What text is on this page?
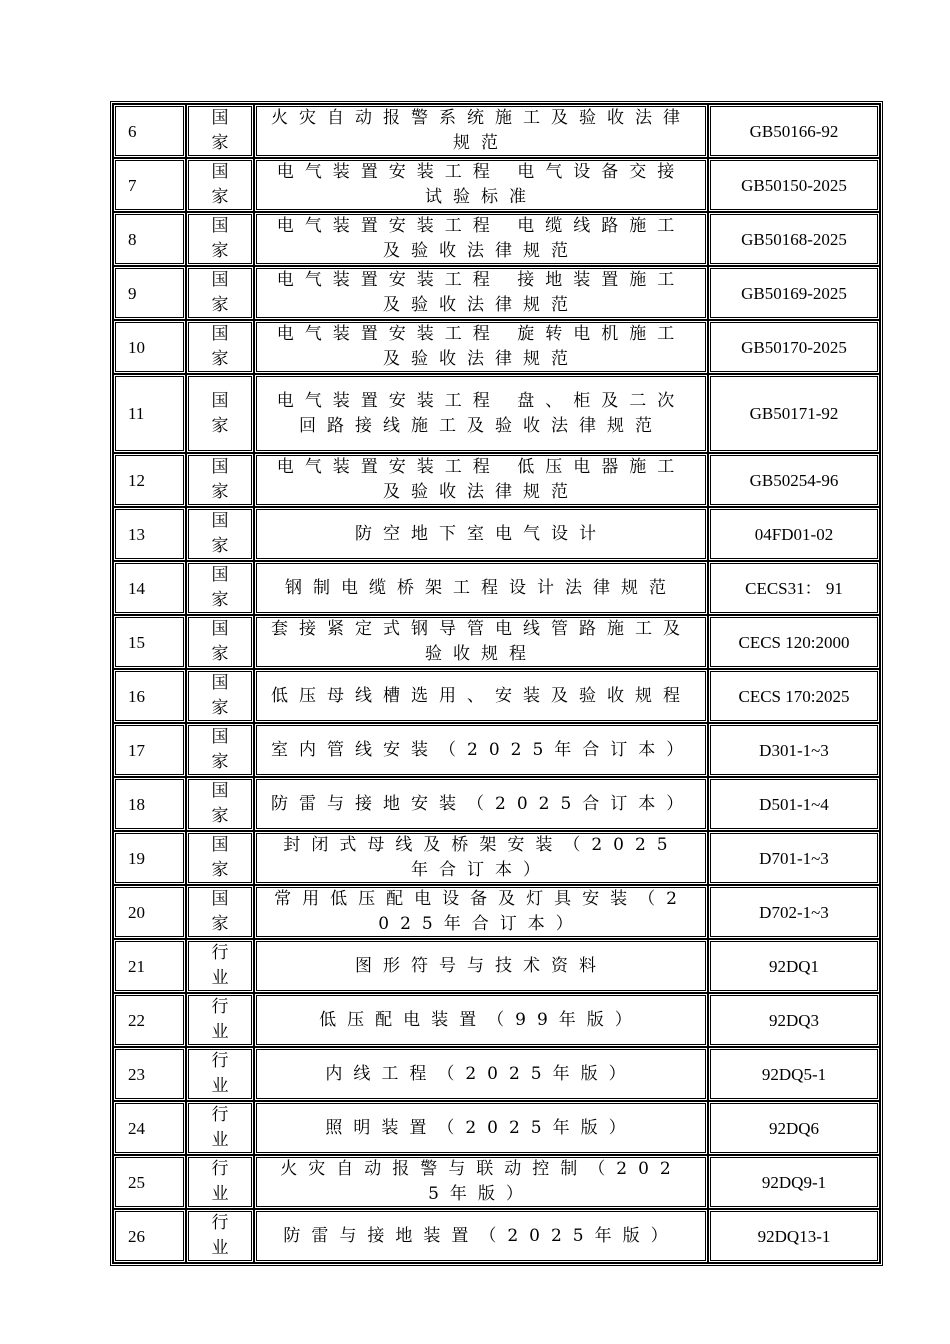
6	国家	火灾自动报警系统施工及验收法律规范	GB50166-92
7	国家	电气装置安装工程 电气设备交接试验标准	GB50150-2025
8	国家	电气装置安装工程 电缆线路施工及验收法律规范	GB50168-2025
9	国家	电气装置安装工程 接地装置施工及验收法律规范	GB50169-2025
10	国家	电气装置安装工程 旋转电机施工及验收法律规范	GB50170-2025
11	国家	电气装置安装工程 盘、柜及二次回路接线施工及验收法律规范	GB50171-92
12	国家	电气装置安装工程 低压电器施工及验收法律规范	GB50254-96
13	国家	防空地下室电气设计	04FD01-02
14	国家	钢制电缆桥架工程设计法律规范	CECS31： 91
15	国家	套接紧定式钢导管电线管路施工及验收规程	CECS 120:2000
16	国家	低压母线槽选用、安装及验收规程	CECS 170:2025
17	国家	室内管线安装（2025年合订本）	D301-1~3
18	国家	防雷与接地安装（2025合订本）	D501-1~4
19	国家	封闭式母线及桥架安装（2025年合订本）	D701-1~3
20	国家	常用低压配电设备及灯具安装（2025年合订本）	D702-1~3
21	行业	图形符号与技术资料	92DQ1
22	行业	低压配电装置（99年版）	92DQ3
23	行业	内线工程（2025年版）	92DQ5-1
24	行业	照明装置（2025年版）	92DQ6
25	行业	火灾自动报警与联动控制（2025年版）	92DQ9-1
26	行业	防雷与接地装置（2025年版）	92DQ13-1
